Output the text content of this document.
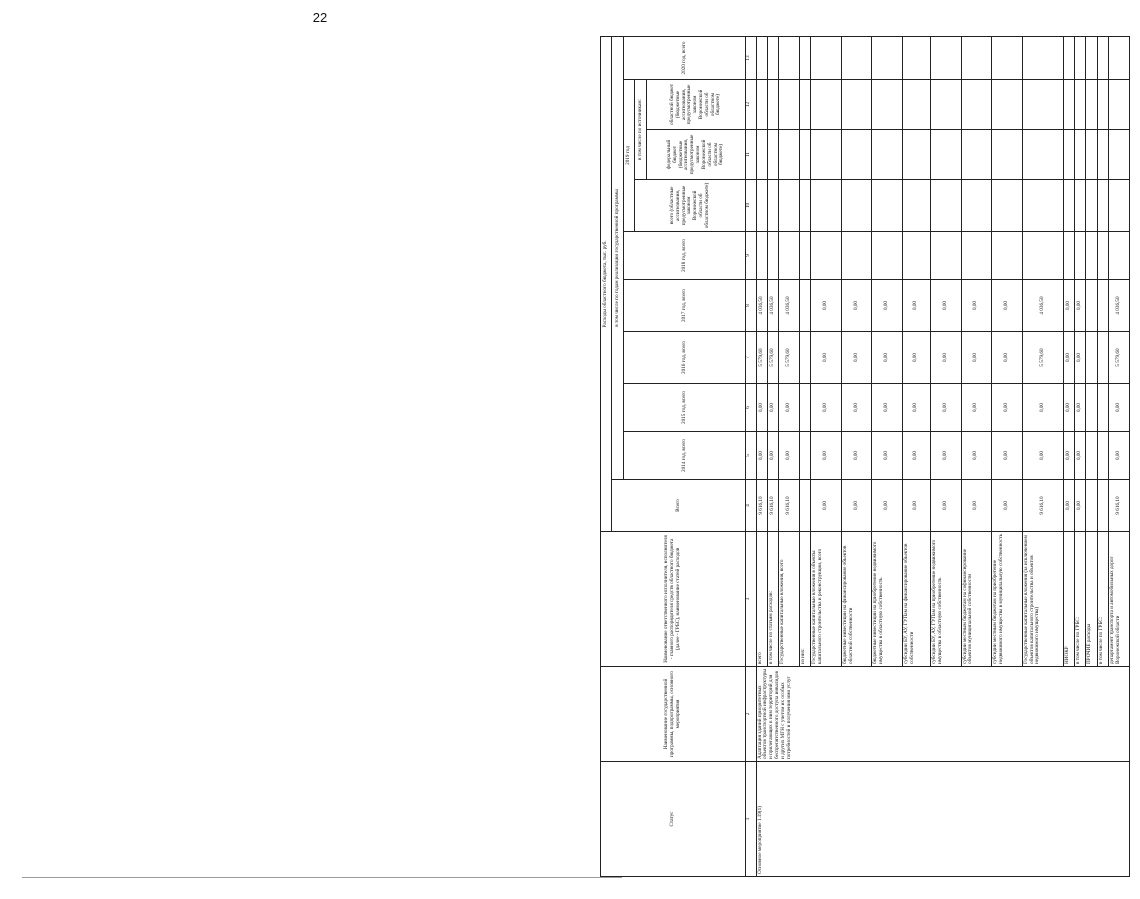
22
Статус	Наименование государственной программы, подпрограммы, основного мероприятия	Наименование ответственного исполнителя, исполнителя - главного распорядителя средств областного бюджета (далее - ГРБС), наименование статей расходов	Расходы областного бюджета, тыс. руб.									
			Всего	в том числе по годам реализации государственной программы								
				2014 год, всего	2015 год, всего	2016 год, всего	2017 год, всего	2018 год, всего	2019 год			2020 год, всего
									всего (областные ассигнования, предусмотренные законом Воронежской области об областном бюджете)	в том числе по источникам:		
										федеральный бюджет (бюджетные ассигнования, предусмотренные законом Воронежской области об областном бюджете)	областной бюджет (бюджетные ассигнования, предусмотренные законом Воронежской области об областном бюджете)	
1	2	3	4	5	6	7	8	9	10	11	12	13
Основное мероприятие 1.19(1)	Адаптация зданий приоритетных объектов транспортной инфраструктуры и прилегающих к ним территорий для беспрепятственного доступа инвалидов и других МГН с учетом их особых потребностей и получения ими услуг	всего	9 616,10	0,00	0,00	5 579,60	4 036,50					
		в том числе по статьям расходов:	9 616,10	0,00	0,00	5 579,60	4 036,50					
		Государственные капитальные вложения, всего	9 616,10	0,00	0,00	5 579,60	4 036,50					
		из них:										
		Государственные капитальные вложения в объекты капитального строительства и реконструкции, всего	0,00	0,00	0,00	0,00	0,00					
		бюджетные инвестиции на финансирование объектов областной собственности	0,00	0,00	0,00	0,00	0,00					
		бюджетные инвестиции на приобретение недвижимого имущества в областную собственность	0,00	0,00	0,00	0,00	0,00					
		субсидии БУ, АУ, ГУПам на финансирование объектов собственности	0,00	0,00	0,00	0,00	0,00					
		субсидии БУ, АУ, ГУПам на приобретение недвижимого имущества в областную собственность	0,00	0,00	0,00	0,00	0,00					
		субсидии местным бюджетам на софинансирование объектов муниципальной собственности	0,00	0,00	0,00	0,00	0,00					
		субсидии местным бюджетам на приобретение недвижимого имущества в муниципальную собственность	0,00	0,00	0,00	0,00	0,00					
		Государственные капитальные вложения (за исключением объектов капитального строительства и объектов недвижимого имущества)	9 616,10	0,00	0,00	5 579,60	4 036,50					
		НИОКР	0,00	0,00	0,00	0,00	0,00					
		в том числе по ГРБС:	0,00	0,00	0,00	0,00	0,00					
		ПРОЧИЕ расходы										
		в том числе по ГРБС:										
		департамент транспорта и автомобильных дорог Воронежской области	9 616,10	0,00	0,00	5 579,60	4 036,50					
